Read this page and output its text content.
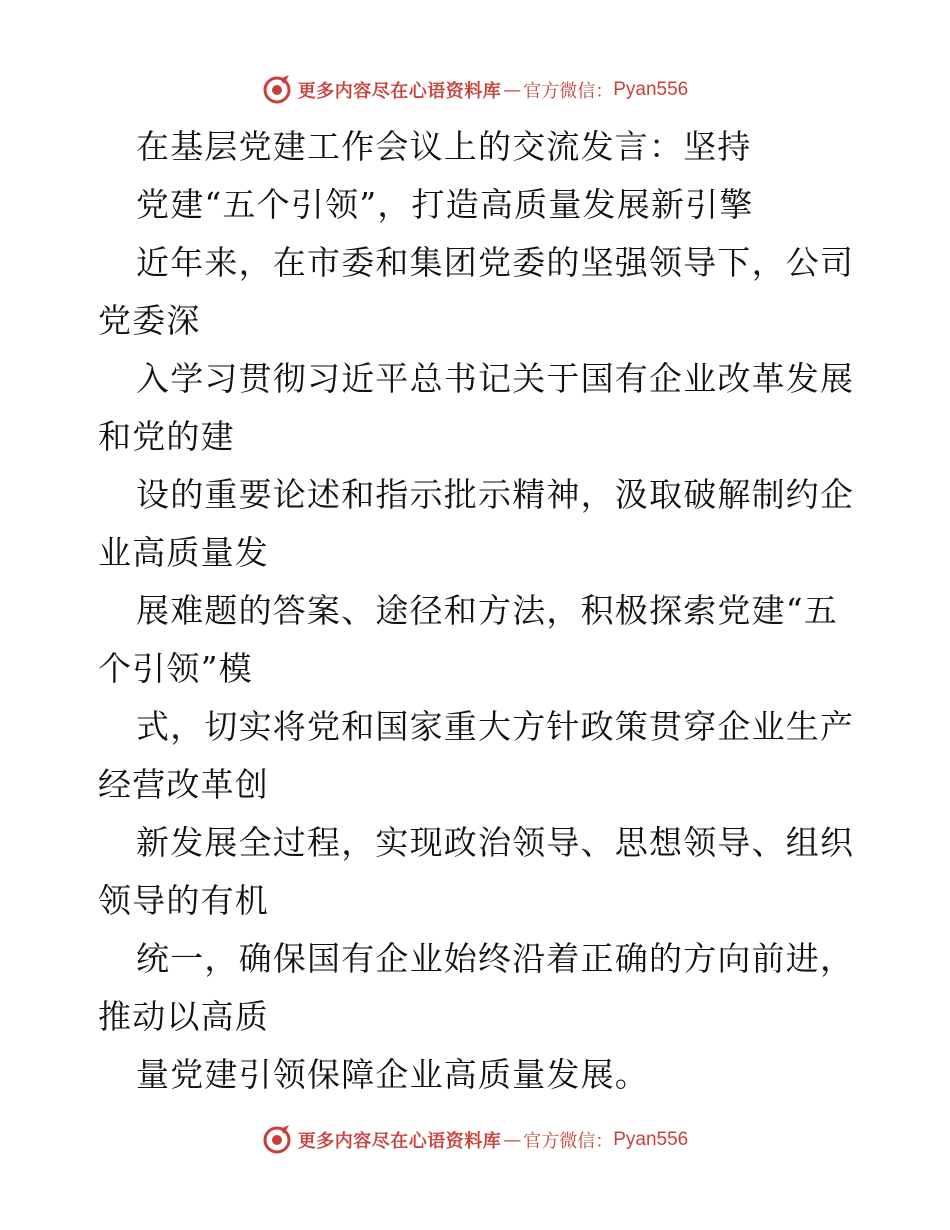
更多内容尽在心语资料库 — 官方微信： Pyan556
在基层党建工作会议上的交流发言：坚持
党建“五个引领”，打造高质量发展新引擎
近年来，在市委和集团党委的坚强领导下，公司
党委深
入学习贯彻习近平总书记关于国有企业改革发展
和党的建
设的重要论述和指示批示精神，汲取破解制约企
业高质量发
展难题的答案、途径和方法，积极探索党建“五
个引领”模
式，切实将党和国家重大方针政策贯穿企业生产
经营改革创
新发展全过程，实现政治领导、思想领导、组织
领导的有机
统一，确保国有企业始终沿着正确的方向前进，
推动以高质
量党建引领保障企业高质量发展。
更多内容尽在心语资料库 — 官方微信： Pyan556
